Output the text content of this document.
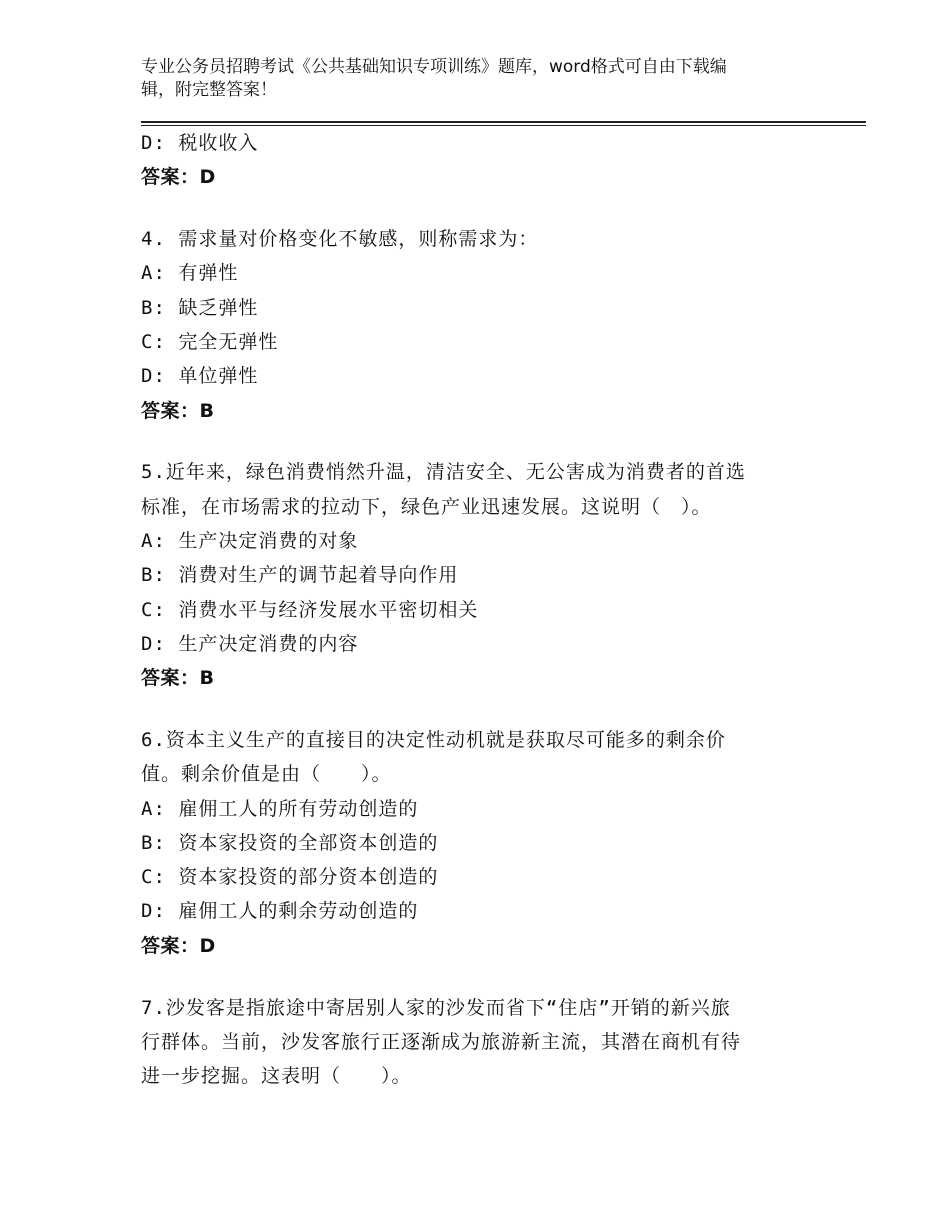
专业公务员招聘考试《公共基础知识专项训练》题库，word格式可自由下载编
辑，附完整答案！
D: 税收收入
答案：D
4. 需求量对价格变化不敏感，则称需求为：
A: 有弹性
B: 缺乏弹性
C: 完全无弹性
D: 单位弹性
答案：B
5.近年来，绿色消费悄然升温，清洁安全、无公害成为消费者的首选
标准，在市场需求的拉动下，绿色产业迅速发展。这说明（　）。
A: 生产决定消费的对象
B: 消费对生产的调节起着导向作用
C: 消费水平与经济发展水平密切相关
D: 生产决定消费的内容
答案：B
6.资本主义生产的直接目的决定性动机就是获取尽可能多的剩余价
值。剩余价值是由（　　）。
A: 雇佣工人的所有劳动创造的
B: 资本家投资的全部资本创造的
C: 资本家投资的部分资本创造的
D: 雇佣工人的剩余劳动创造的
答案：D
7.沙发客是指旅途中寄居别人家的沙发而省下“住店”开销的新兴旅
行群体。当前，沙发客旅行正逐渐成为旅游新主流，其潜在商机有待
进一步挖掘。这表明（　　）。
